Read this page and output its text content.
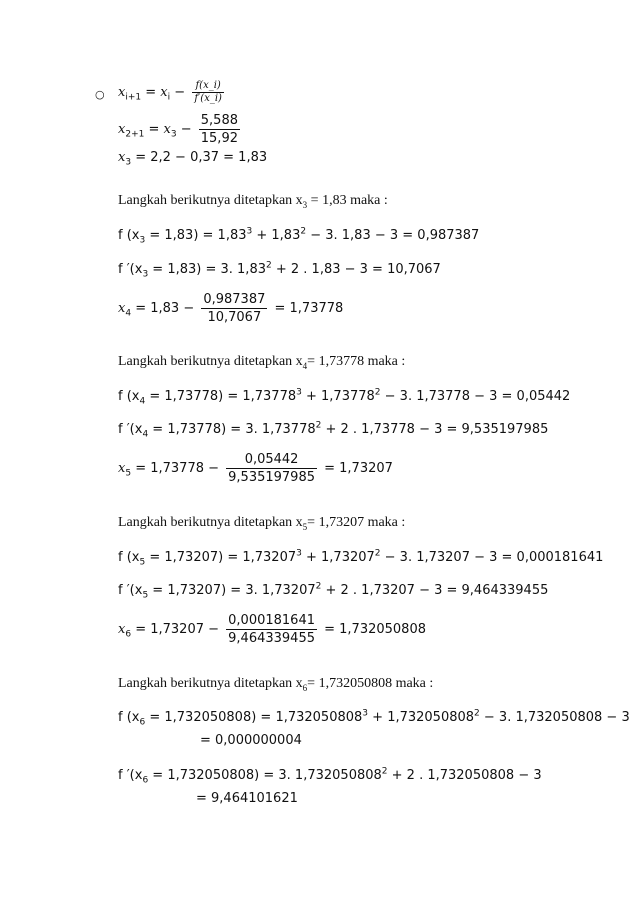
○ $x_{i+1} = x_i - \frac{f(x\_i)}{f'(x\_i)}$
$x_{2+1} = x_3 - \frac{5,588}{15,92}$
$x_3 = 2,2 - 0,37 = 1,83$
Langkah berikutnya ditetapkan $x_3 = 1,83$ maka :
f $(x_3 = 1,83) = 1,83^3 + 1,83^2 - 3$. 1,83 − 3 = 0,987387
f $'(x_3 = 1,83) = 3$. $1,83^2 + 2$ . 1,83 − 3 = 10,7067
$x_4 = 1,83 - \frac{0,987387}{10,7067} = 1,73778$
Langkah berikutnya ditetapkan $x_4= 1,73778$ maka :
f $(x_4 = 1,73778) = 1,73778^3 + 1,73778^2 - 3$. 1,73778 − 3 = 0,05442
f $'(x_4 = 1,73778) = 3$. $1,73778^2 + 2$ . 1,73778 − 3 = 9,535197985
$x_5 = 1,73778 - \frac{0,05442}{9,535197985} = 1,73207$
Langkah berikutnya ditetapkan $x_5= 1,73207$ maka :
f $(x_5 = 1,73207) = 1,73207^3 + 1,73207^2 - 3$. 1,73207 − 3 = 0,000181641
f $'(x_5 = 1,73207) = 3$. $1,73207^2 + 2$ . 1,73207 − 3 = 9,464339455
$x_6 = 1,73207 - \frac{0,000181641}{9,464339455} = 1,732050808$
Langkah berikutnya ditetapkan $x_6= 1,732050808$ maka :
f $(x_6 = 1,732050808) = 1,732050808^3 + 1,732050808^2 - 3$. 1,732050808 − 3
= 0,000000004
f $'(x_6 = 1,732050808) = 3$. $1,732050808^2 + 2$ . 1,732050808 − 3
= 9,464101621
